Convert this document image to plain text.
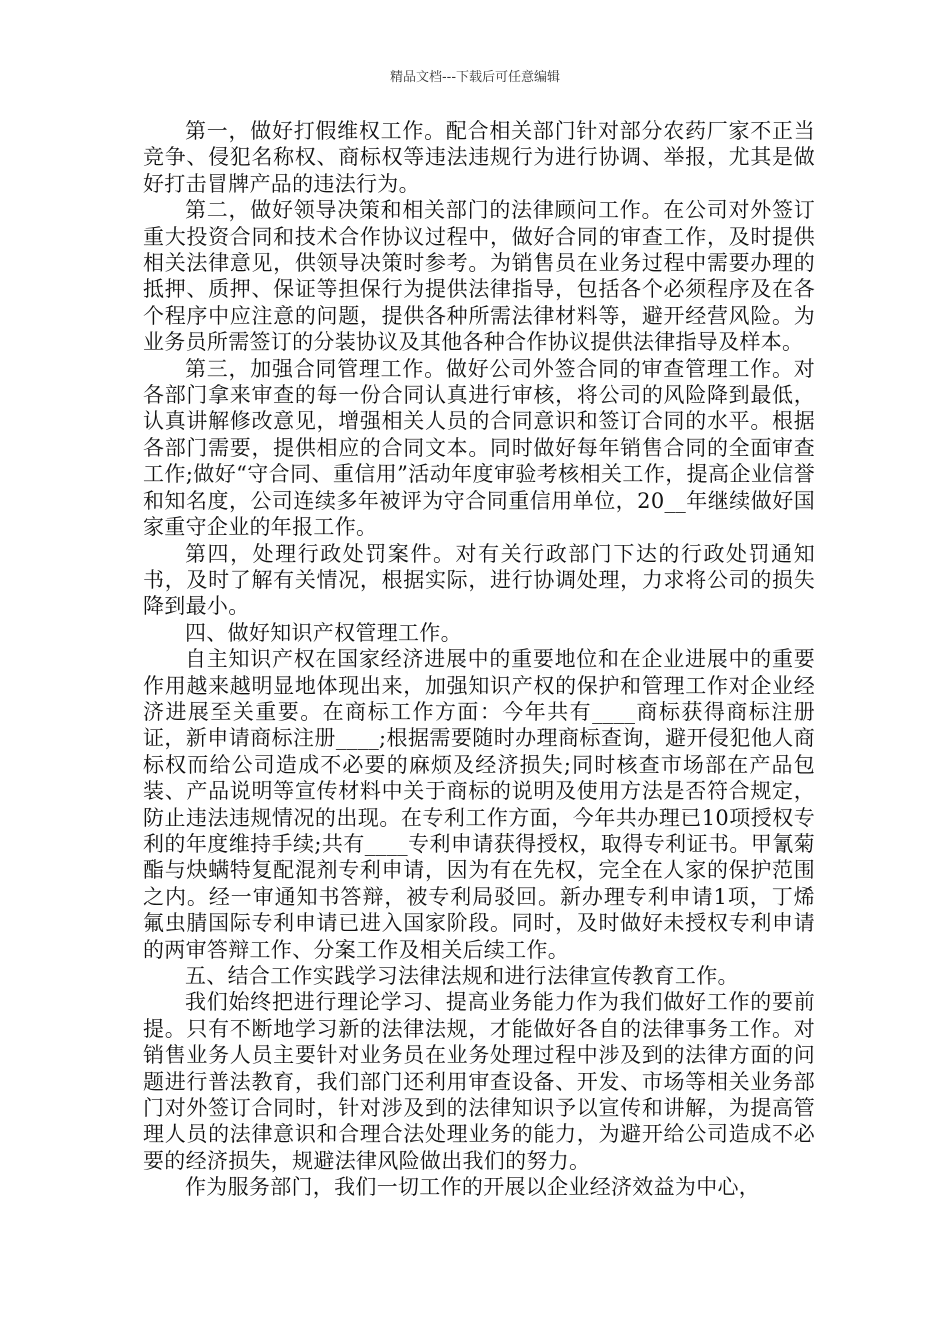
精品文档---下载后可任意编辑

第一，做好打假维权工作。配合相关部门针对部分农药厂家不正当竞争、侵犯名称权、商标权等违法违规行为进行协调、举报，尤其是做好打击冒牌产品的违法行为。

第二，做好领导决策和相关部门的法律顾问工作。在公司对外签订重大投资合同和技术合作协议过程中，做好合同的审查工作，及时提供相关法律意见，供领导决策时参考。为销售员在业务过程中需要办理的抵押、质押、保证等担保行为提供法律指导，包括各个必须程序及在各个程序中应注意的问题，提供各种所需法律材料等，避开经营风险。为业务员所需签订的分装协议及其他各种合作协议提供法律指导及样本。

第三，加强合同管理工作。做好公司外签合同的审查管理工作。对各部门拿来审查的每一份合同认真进行审核，将公司的风险降到最低，认真讲解修改意见，增强相关人员的合同意识和签订合同的水平。根据各部门需要，提供相应的合同文本。同时做好每年销售合同的全面审查工作;做好“守合同、重信用”活动年度审验考核相关工作，提高企业信誉和知名度，公司连续多年被评为守合同重信用单位，20__年继续做好国家重守企业的年报工作。

第四，处理行政处罚案件。对有关行政部门下达的行政处罚通知书，及时了解有关情况，根据实际，进行协调处理，力求将公司的损失降到最小。

四、做好知识产权管理工作。

自主知识产权在国家经济进展中的重要地位和在企业进展中的重要作用越来越明显地体现出来，加强知识产权的保护和管理工作对企业经济进展至关重要。在商标工作方面：今年共有____商标获得商标注册证，新申请商标注册____;根据需要随时办理商标查询，避开侵犯他人商标权而给公司造成不必要的麻烦及经济损失;同时核查市场部在产品包装、产品说明等宣传材料中关于商标的说明及使用方法是否符合规定，防止违法违规情况的出现。在专利工作方面，今年共办理已10项授权专利的年度维持手续;共有____专利申请获得授权，取得专利证书。甲氰菊酯与炔螨特复配混剂专利申请，因为有在先权，完全在人家的保护范围之内。经一审通知书答辩，被专利局驳回。新办理专利申请1项，丁烯氟虫腈国际专利申请已进入国家阶段。同时，及时做好未授权专利申请的两审答辩工作、分案工作及相关后续工作。

五、结合工作实践学习法律法规和进行法律宣传教育工作。

我们始终把进行理论学习、提高业务能力作为我们做好工作的要前提。只有不断地学习新的法律法规，才能做好各自的法律事务工作。对销售业务人员主要针对业务员在业务处理过程中涉及到的法律方面的问题进行普法教育，我们部门还利用审查设备、开发、市场等相关业务部门对外签订合同时，针对涉及到的法律知识予以宣传和讲解，为提高管理人员的法律意识和合理合法处理业务的能力，为避开给公司造成不必要的经济损失，规避法律风险做出我们的努力。

作为服务部门，我们一切工作的开展以企业经济效益为中心，
